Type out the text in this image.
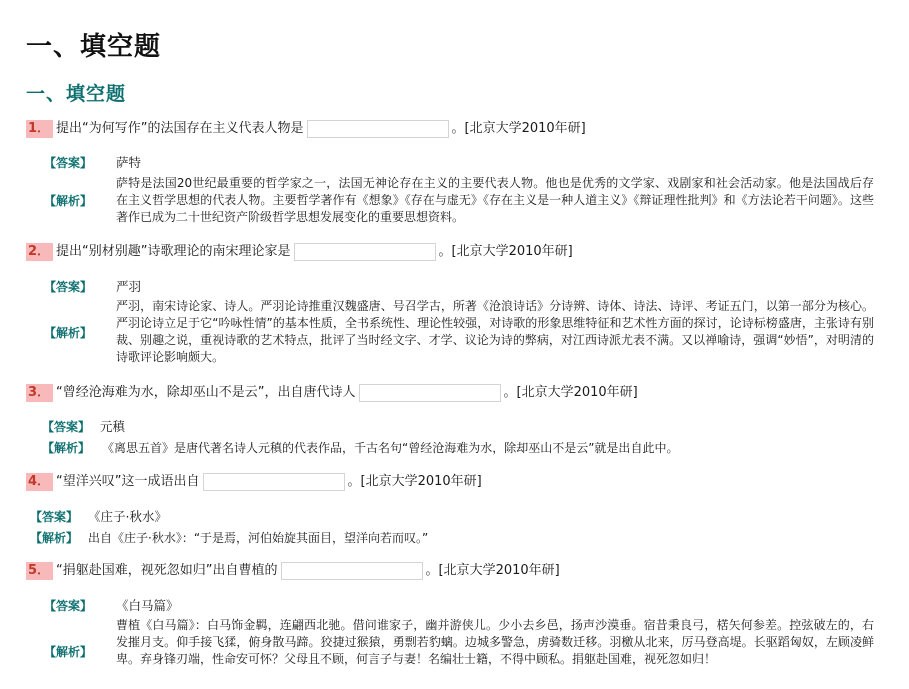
一、填空题
一、填空题
1． 提出“为何写作”的法国存在主义代表人物是	。[北京大学2010年研]
【答案】 萨特
【解析】
萨特是法国20世纪最重要的哲学家之一，法国无神论存在主义的主要代表人物。他也是优秀的文学家、戏剧家和社会活动家。他是法国战后存在主义哲学思想的代表人物。主要哲学著作有《想象》《存在与虚无》《存在主义是一种人道主义》《辩证理性批判》和《方法论若干问题》。这些著作已成为二十世纪资产阶级哲学思想发展变化的重要思想资料。
2． 提出“别材别趣”诗歌理论的南宋理论家是	。[北京大学2010年研]
【答案】 严羽
【解析】
严羽，南宋诗论家、诗人。严羽论诗推重汉魏盛唐、号召学古，所著《沧浪诗话》分诗辨、诗体、诗法、诗评、考证五门，以第一部分为核心。严羽论诗立足于它“吟咏性情”的基本性质，全书系统性、理论性较强，对诗歌的形象思维特征和艺术性方面的探讨，论诗标榜盛唐，主张诗有别裁、别趣之说，重视诗歌的艺术特点，批评了当时经文字、才学、议论为诗的弊病，对江西诗派尤表不满。又以禅喻诗，强调“妙悟”，对明清的诗歌评论影响颇大。
3． “曾经沧海难为水，除却巫山不是云”，出自唐代诗人	。[北京大学2010年研]
【答案】 元稹
【解析】 《离思五首》是唐代著名诗人元稹的代表作品，千古名句“曾经沧海难为水，除却巫山不是云”就是出自此中。
4． “望洋兴叹”这一成语出自	。[北京大学2010年研]
【答案】 《庄子·秋水》
【解析】 出自《庄子·秋水》：“于是焉，河伯始旋其面目，望洋向若而叹。”
5． “捐躯赴国难，视死忽如归”出自曹植的	。[北京大学2010年研]
【答案】 《白马篇》
【解析】
曹植《白马篇》：白马饰金羁，连翩西北驰。借问谁家子，幽并游侠儿。少小去乡邑，扬声沙漠垂。宿昔秉良弓，楛矢何参差。控弦破左的，右发摧月支。仰手接飞猱，俯身散马蹄。狡捷过猴猿，勇剽若豹螭。边城多警急，虏骑数迁移。羽檄从北来，厉马登高堤。长驱蹈匈奴，左顾凌鲜卑。弃身锋刃端，性命安可怀？父母且不顾，何言子与妻！名编壮士籍，不得中顾私。捐躯赴国难，视死忽如归！
